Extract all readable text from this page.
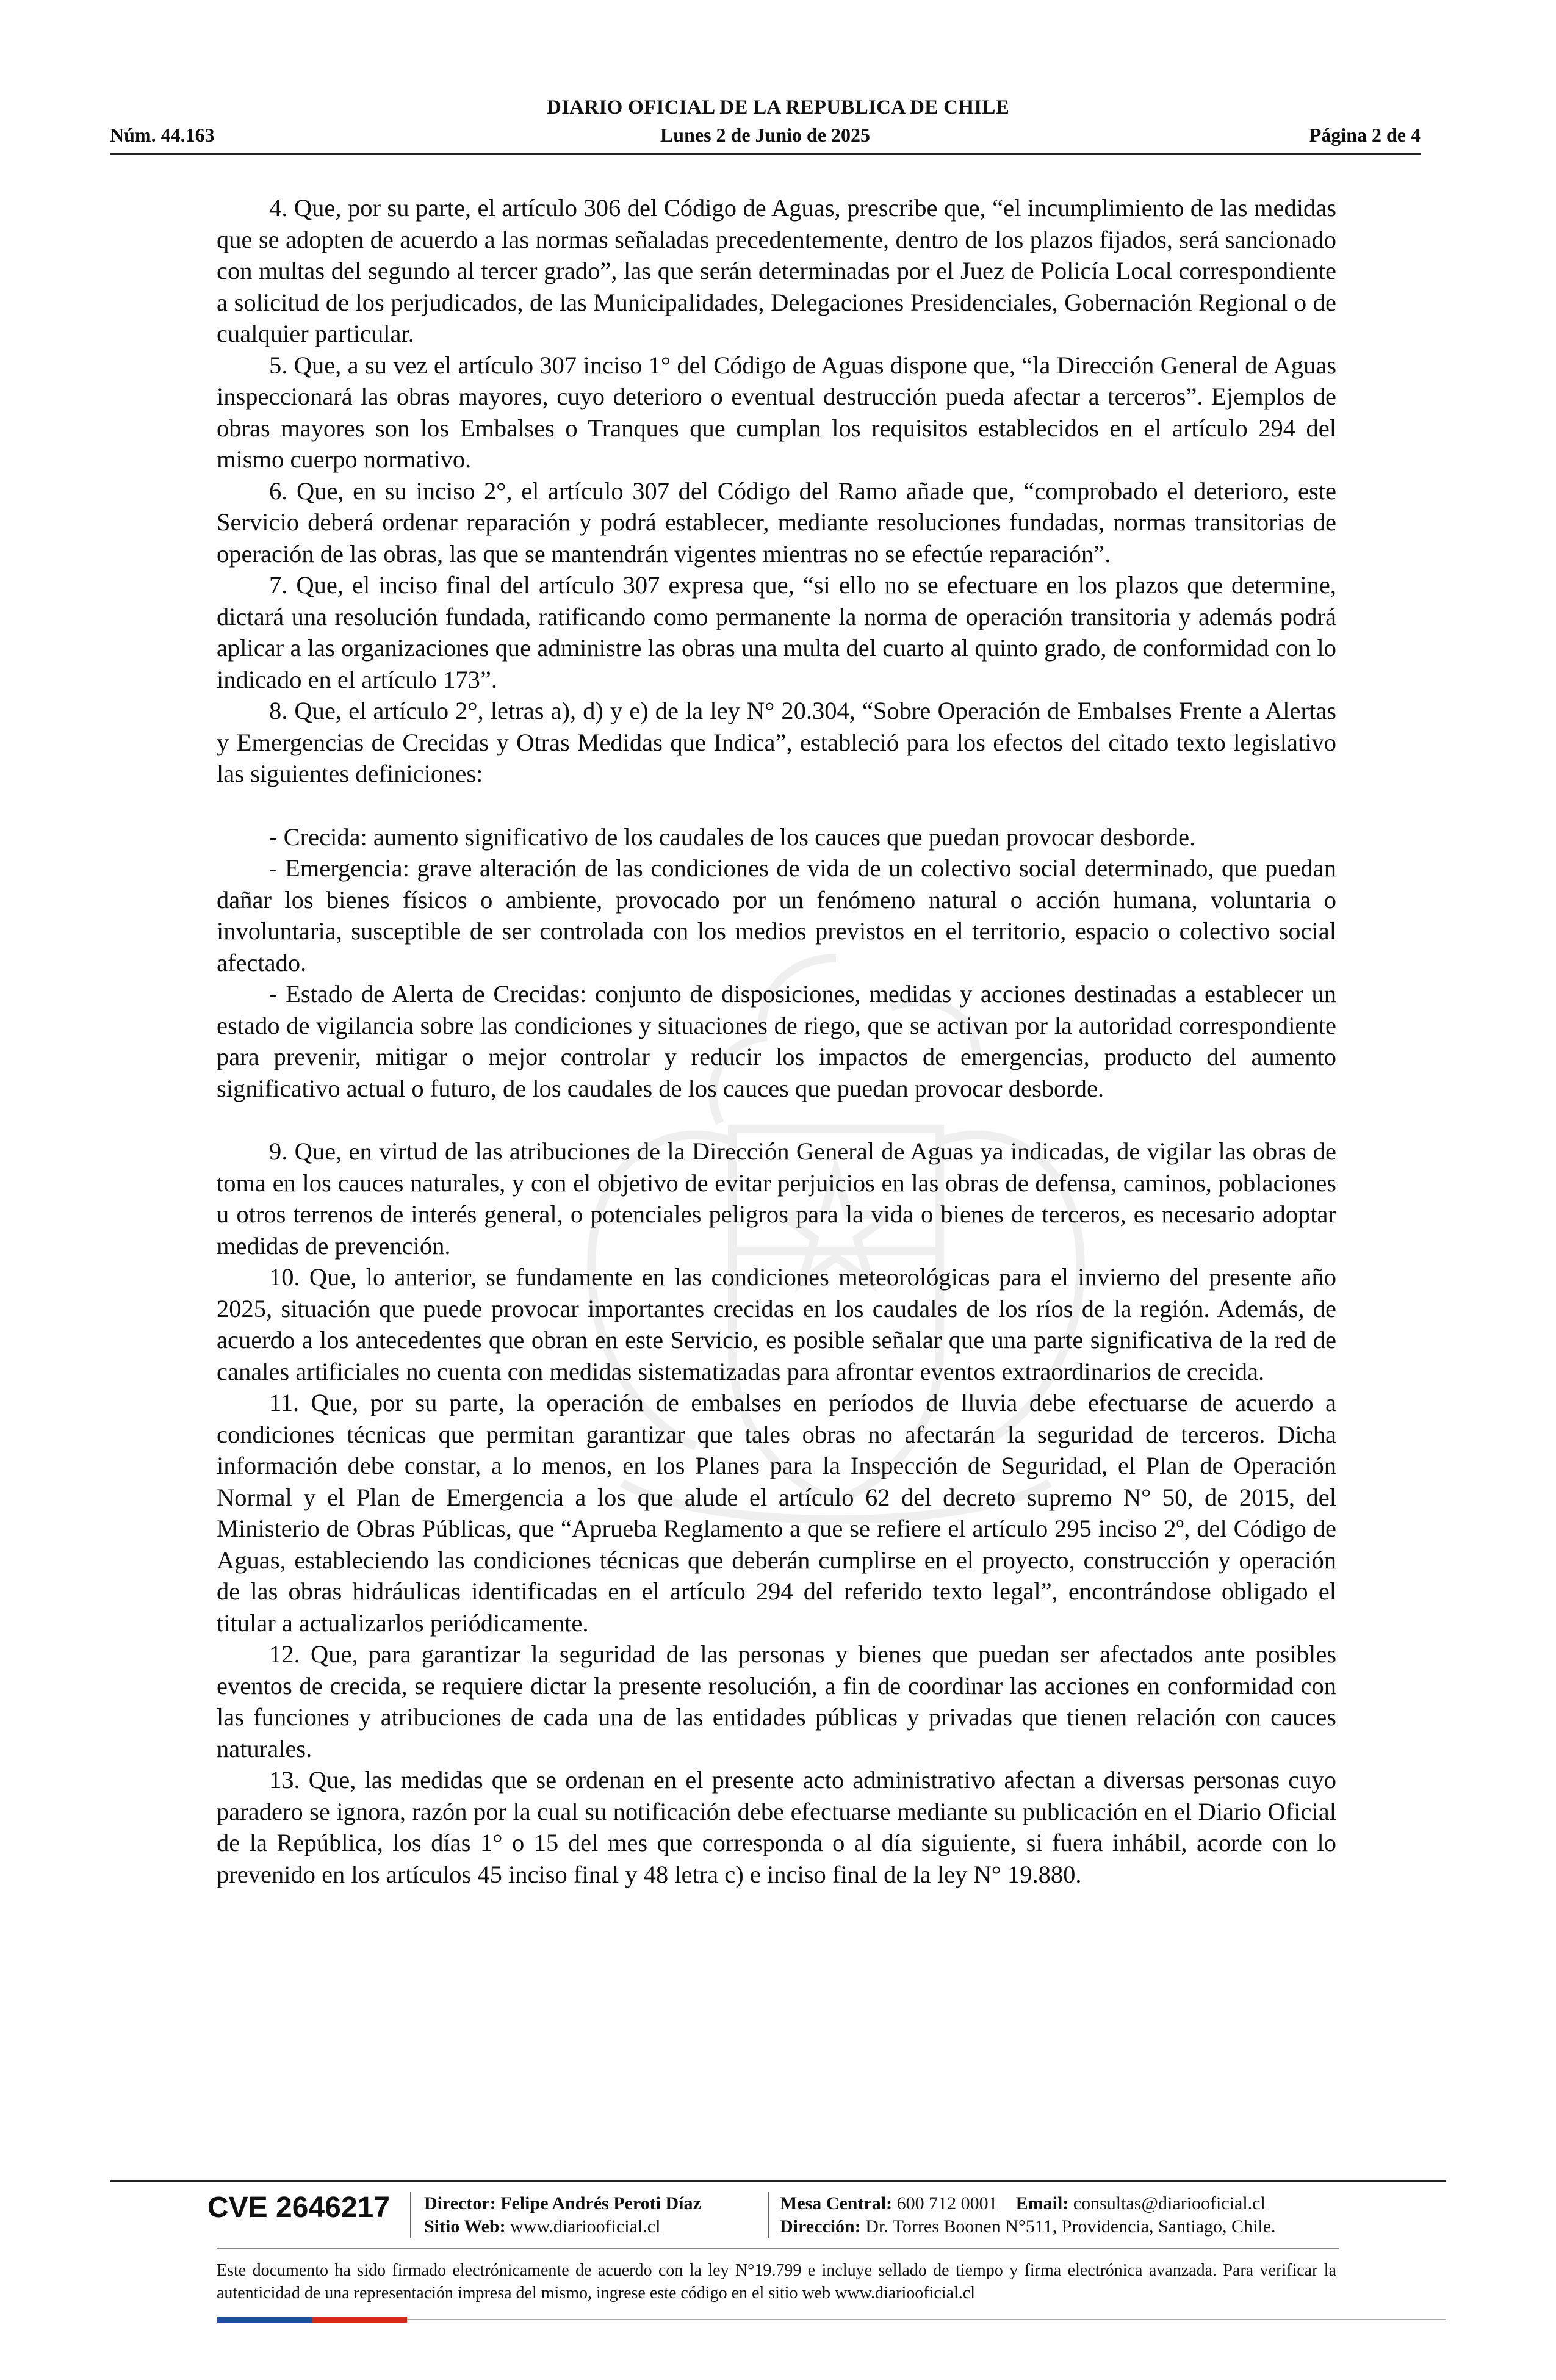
DIARIO OFICIAL DE LA REPUBLICA DE CHILE
Núm. 44.163	Lunes 2 de Junio de 2025	Página 2 de 4

4. Que, por su parte, el artículo 306 del Código de Aguas, prescribe que, “el incumplimiento de las medidas que se adopten de acuerdo a las normas señaladas precedentemente, dentro de los plazos fijados, será sancionado con multas del segundo al tercer grado”, las que serán determinadas por el Juez de Policía Local correspondiente a solicitud de los perjudicados, de las Municipalidades, Delegaciones Presidenciales, Gobernación Regional o de cualquier particular.

5. Que, a su vez el artículo 307 inciso 1° del Código de Aguas dispone que, “la Dirección General de Aguas inspeccionará las obras mayores, cuyo deterioro o eventual destrucción pueda afectar a terceros”. Ejemplos de obras mayores son los Embalses o Tranques que cumplan los requisitos establecidos en el artículo 294 del mismo cuerpo normativo.

6. Que, en su inciso 2°, el artículo 307 del Código del Ramo añade que, “comprobado el deterioro, este Servicio deberá ordenar reparación y podrá establecer, mediante resoluciones fundadas, normas transitorias de operación de las obras, las que se mantendrán vigentes mientras no se efectúe reparación”.

7. Que, el inciso final del artículo 307 expresa que, “si ello no se efectuare en los plazos que determine, dictará una resolución fundada, ratificando como permanente la norma de operación transitoria y además podrá aplicar a las organizaciones que administre las obras una multa del cuarto al quinto grado, de conformidad con lo indicado en el artículo 173”.

8. Que, el artículo 2°, letras a), d) y e) de la ley N° 20.304, “Sobre Operación de Embalses Frente a Alertas y Emergencias de Crecidas y Otras Medidas que Indica”, estableció para los efectos del citado texto legislativo las siguientes definiciones:

- Crecida: aumento significativo de los caudales de los cauces que puedan provocar desborde.

- Emergencia: grave alteración de las condiciones de vida de un colectivo social determinado, que puedan dañar los bienes físicos o ambiente, provocado por un fenómeno natural o acción humana, voluntaria o involuntaria, susceptible de ser controlada con los medios previstos en el territorio, espacio o colectivo social afectado.

- Estado de Alerta de Crecidas: conjunto de disposiciones, medidas y acciones destinadas a establecer un estado de vigilancia sobre las condiciones y situaciones de riego, que se activan por la autoridad correspondiente para prevenir, mitigar o mejor controlar y reducir los impactos de emergencias, producto del aumento significativo actual o futuro, de los caudales de los cauces que puedan provocar desborde.

9. Que, en virtud de las atribuciones de la Dirección General de Aguas ya indicadas, de vigilar las obras de toma en los cauces naturales, y con el objetivo de evitar perjuicios en las obras de defensa, caminos, poblaciones u otros terrenos de interés general, o potenciales peligros para la vida o bienes de terceros, es necesario adoptar medidas de prevención.

10. Que, lo anterior, se fundamente en las condiciones meteorológicas para el invierno del presente año 2025, situación que puede provocar importantes crecidas en los caudales de los ríos de la región. Además, de acuerdo a los antecedentes que obran en este Servicio, es posible señalar que una parte significativa de la red de canales artificiales no cuenta con medidas sistematizadas para afrontar eventos extraordinarios de crecida.

11. Que, por su parte, la operación de embalses en períodos de lluvia debe efectuarse de acuerdo a condiciones técnicas que permitan garantizar que tales obras no afectarán la seguridad de terceros. Dicha información debe constar, a lo menos, en los Planes para la Inspección de Seguridad, el Plan de Operación Normal y el Plan de Emergencia a los que alude el artículo 62 del decreto supremo N° 50, de 2015, del Ministerio de Obras Públicas, que “Aprueba Reglamento a que se refiere el artículo 295 inciso 2º, del Código de Aguas, estableciendo las condiciones técnicas que deberán cumplirse en el proyecto, construcción y operación de las obras hidráulicas identificadas en el artículo 294 del referido texto legal”, encontrándose obligado el titular a actualizarlos periódicamente.

12. Que, para garantizar la seguridad de las personas y bienes que puedan ser afectados ante posibles eventos de crecida, se requiere dictar la presente resolución, a fin de coordinar las acciones en conformidad con las funciones y atribuciones de cada una de las entidades públicas y privadas que tienen relación con cauces naturales.

13. Que, las medidas que se ordenan en el presente acto administrativo afectan a diversas personas cuyo paradero se ignora, razón por la cual su notificación debe efectuarse mediante su publicación en el Diario Oficial de la República, los días 1° o 15 del mes que corresponda o al día siguiente, si fuera inhábil, acorde con lo prevenido en los artículos 45 inciso final y 48 letra c) e inciso final de la ley N° 19.880.

CVE 2646217 Director: Felipe Andrés Peroti Díaz
Sitio Web: www.diariooficial.cl
Mesa Central: 600 712 0001 Email: consultas@diariooficial.cl
Dirección: Dr. Torres Boonen N°511, Providencia, Santiago, Chile.
Este documento ha sido firmado electrónicamente de acuerdo con la ley N°19.799 e incluye sellado de tiempo y firma electrónica avanzada. Para verificar la autenticidad de una representación impresa del mismo, ingrese este código en el sitio web www.diariooficial.cl
